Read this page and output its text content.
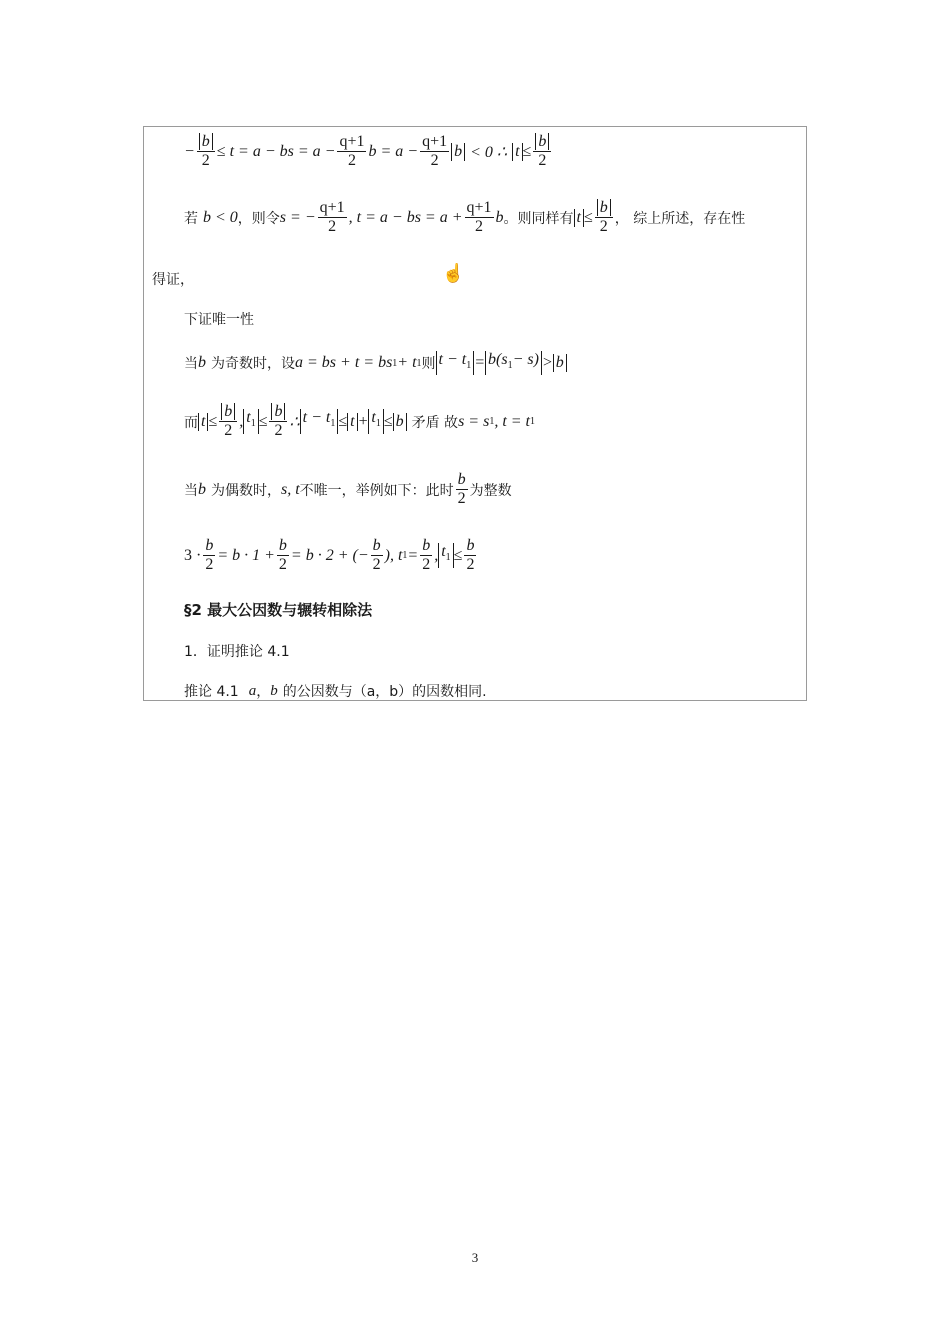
− $\frac{b}{2} \le t = a$ − bs = $a - \frac{q+1}{2}$ $b = a - \frac{q+1}{2}$ b < 0 ∴ $t \le \frac{b}{2}$
若 b < 0 ，则令 s = − $\frac{q+1}{2}$ , t = a − bs = $a + \frac{q+1}{2}$ b 。则同样有 $t \le \frac{b}{2}$ ， 综上所述，存在性
☝
得证，
下证唯一性
当 b 为奇数时，设 a = bs + t = bs 1 + t 1 则 $t - t_1 = b(s_1- s) > b$
而 $t \le \frac{b}{2}$ , $t_1 \le \frac{b}{2}$ ∴ $t - t_1 \le t + t_1 \le b$ 矛盾 故 s = s 1 , t = t 1
当 b 为偶数时， s, t 不唯一，举例如下：此时 $\frac{b}{2}$ 为整数
$3 \cdot \frac{b}{2} = b \cdot 1 + \frac{b}{2} = b \cdot 2$ + (− $\frac{b}{2}$ ), t $1 = \frac{b}{2}$ , $t_1 \le \frac{b}{2}$
§2 最大公因数与辗转相除法
1．证明推论 4.1
推论 4.1 a ， b 的公因数与（a，b）的因数相同.
3
